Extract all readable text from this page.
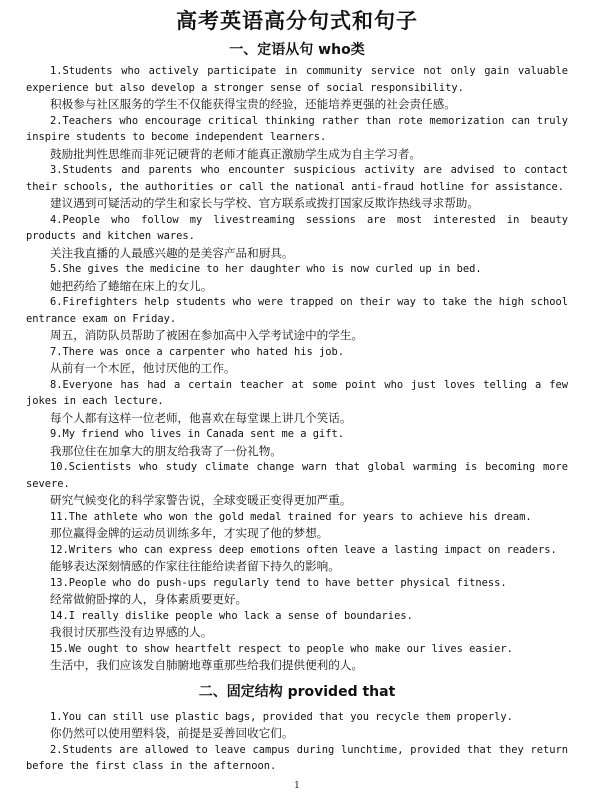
高考英语高分句式和句子
一、定语从句 who类
1.Students who actively participate in community service not only gain valuable experience but also develop a stronger sense of social responsibility.
积极参与社区服务的学生不仅能获得宝贵的经验，还能培养更强的社会责任感。
2.Teachers who encourage critical thinking rather than rote memorization can truly inspire students to become independent learners.
鼓励批判性思维而非死记硬背的老师才能真正激励学生成为自主学习者。
3.Students and parents who encounter suspicious activity are advised to contact their schools, the authorities or call the national anti-fraud hotline for assistance.
建议遇到可疑活动的学生和家长与学校、官方联系或拨打国家反欺诈热线寻求帮助。
4.People who follow my livestreaming sessions are most interested in beauty products and kitchen wares.
关注我直播的人最感兴趣的是美容产品和厨具。
5.She gives the medicine to her daughter who is now curled up in bed.
她把药给了蜷缩在床上的女儿。
6.Firefighters help students who were trapped on their way to take the high school entrance exam on Friday.
周五，消防队员帮助了被困在参加高中入学考试途中的学生。
7.There was once a carpenter who hated his job.
从前有一个木匠，他讨厌他的工作。
8.Everyone has had a certain teacher at some point who just loves telling a few jokes in each lecture.
每个人都有这样一位老师，他喜欢在每堂课上讲几个笑话。
9.My friend who lives in Canada sent me a gift.
我那位住在加拿大的朋友给我寄了一份礼物。
10.Scientists who study climate change warn that global warming is becoming more severe.
研究气候变化的科学家警告说，全球变暖正变得更加严重。
11.The athlete who won the gold medal trained for years to achieve his dream.
那位赢得金牌的运动员训练多年，才实现了他的梦想。
12.Writers who can express deep emotions often leave a lasting impact on readers.
能够表达深刻情感的作家往往能给读者留下持久的影响。
13.People who do push-ups regularly tend to have better physical fitness.
经常做俯卧撑的人，身体素质要更好。
14.I really dislike people who lack a sense of boundaries.
我很讨厌那些没有边界感的人。
15.We ought to show heartfelt respect to people who make our lives easier.
生活中，我们应该发自肺腑地尊重那些给我们提供便利的人。
二、固定结构 provided that
1.You can still use plastic bags, provided that you recycle them properly.
你仍然可以使用塑料袋，前提是妥善回收它们。
2.Students are allowed to leave campus during lunchtime, provided that they return before the first class in the afternoon.
1
